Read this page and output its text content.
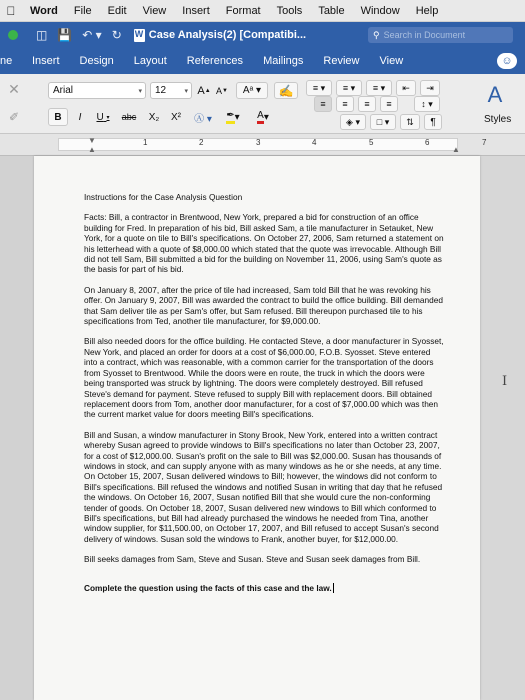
Word	File	Edit	View	Insert	Format	Tools	Table	Window	Help
◫ 💾 ↶ ▾ ↻
W Case Analysis(2) [Compatibi...	⚲ Search in Document
ne	Insert	Design	Layout	References	Mailings	Review	View	☺
✕
✐
Arial	▾ 12	▾ A ▲ A ▼	Aᵃ ▾	✍
B	I	U
▾	abc	X₂	X²	Ⓐ ▾	✒ ▾	A ▾
≡ ▾	≡ ▾	≡ ▾	⇤	⇥
≡	≡	≡	≡	↕ ▾
◈ ▾	□ ▾	⇅	¶
A
Styles
1	2	3	4	5	6	7
▼
▲	▲
Instructions for the Case Analysis Question

Facts: Bill, a contractor in Brentwood, New York, prepared a bid for construction of an office building for Fred. In preparation of his bid, Bill asked Sam, a tile manufacturer in Setauket, New York, for a quote on tile to Bill's specifications. On October 27, 2006, Sam returned a statement on his letterhead with a quote of $8,000.00 which stated that the quote was irrevocable. Although Bill did not tell Sam, Bill submitted a bid for the building on November 11, 2006, using Sam's quote as the basis for part of his bid.

On January 8, 2007, after the price of tile had increased, Sam told Bill that he was revoking his offer. On January 9, 2007, Bill was awarded the contract to build the office building. Bill demanded that Sam deliver tile as per Sam's offer, but Sam refused. Bill thereupon purchased tile to his specifications from Ted, another tile manufacturer, for $9,000.00.

Bill also needed doors for the office building. He contacted Steve, a door manufacturer in Syosset, New York, and placed an order for doors at a cost of $6,000.00, F.O.B. Syosset. Steve entered into a contract, which was reasonable, with a common carrier for the transportation of the doors from Syosset to Brentwood. While the doors were en route, the truck in which the doors were being transported was struck by lightning. The doors were completely destroyed. Bill refused Steve's demand for payment. Steve refused to supply Bill with replacement doors. Bill obtained replacement doors from Tom, another door manufacturer, for a cost of $7,000.00 which was then the current market value for doors meeting Bill's specifications.

Bill and Susan, a window manufacturer in Stony Brook, New York, entered into a written contract whereby Susan agreed to provide windows to Bill's specifications no later than October 23, 2007, for a cost of $12,000.00. Susan's profit on the sale to Bill was $2,000.00. Susan has thousands of windows in stock, and can supply anyone with as many windows as he or she needs, at any time. On October 15, 2007, Susan delivered windows to Bill; however, the windows did not conform to Bill's specifications. Bill refused the windows and notified Susan in writing that day that he refused the windows. On October 16, 2007, Susan notified Bill that she would cure the non-conforming tender of goods. On October 18, 2007, Susan delivered new windows to Bill which conformed to Bill's specifications, but Bill had already purchased the windows he needed from Tina, another window supplier, for $11,500.00, on October 17, 2007, and Bill refused to accept Susan's second delivery of windows. Susan sold the windows to Frank, another buyer, for $12,000.00.

Bill seeks damages from Sam, Steve and Susan. Steve and Susan seek damages from Bill.

Complete the question using the facts of this case and the law.
I
